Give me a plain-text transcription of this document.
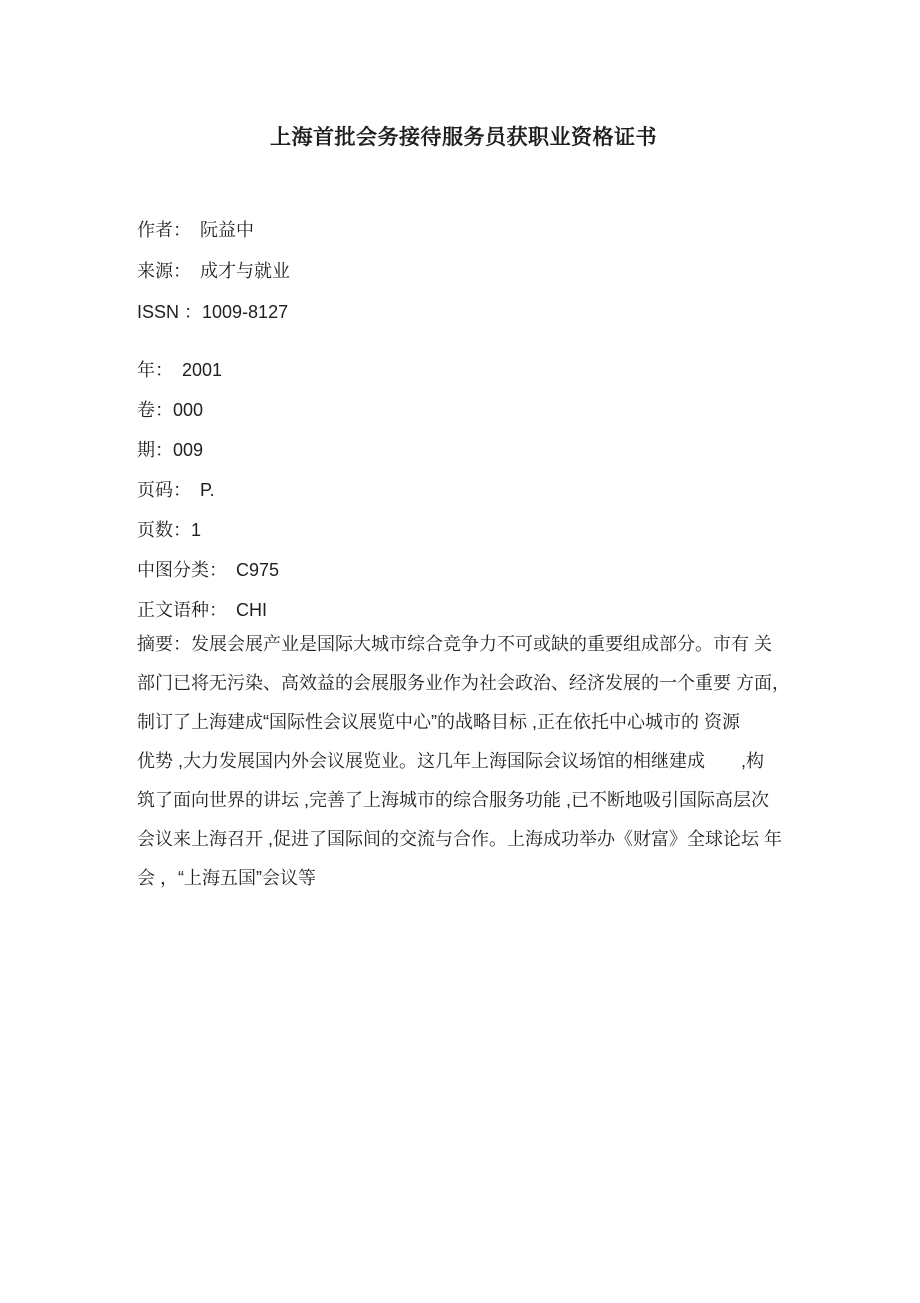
上海首批会务接待服务员获职业资格证书
作者：　阮益中
来源：　成才与就业
ISSN ：1009-8127
年：　2001
卷：000
期：009
页码：　P.
页数：1
中图分类：　C975
正文语种：　CHI
摘要：发展会展产业是国际大城市综合竞争力不可或缺的重要组成部分。市有 关
部门已将无污染、高效益的会展服务业作为社会政治、经济发展的一个重要 方面，
制订了上海建成“国际性会议展览中心”的战略目标 ,正在依托中心城市的 资源
优势 ,大力发展国内外会议展览业。这几年上海国际会议场馆的相继建成　　,构
筑了面向世界的讲坛 ,完善了上海城市的综合服务功能 ,已不断地吸引国际高层次
会议来上海召开 ,促进了国际间的交流与合作。上海成功举办《财富》全球论坛 年
会 ，“上海五国”会议等
